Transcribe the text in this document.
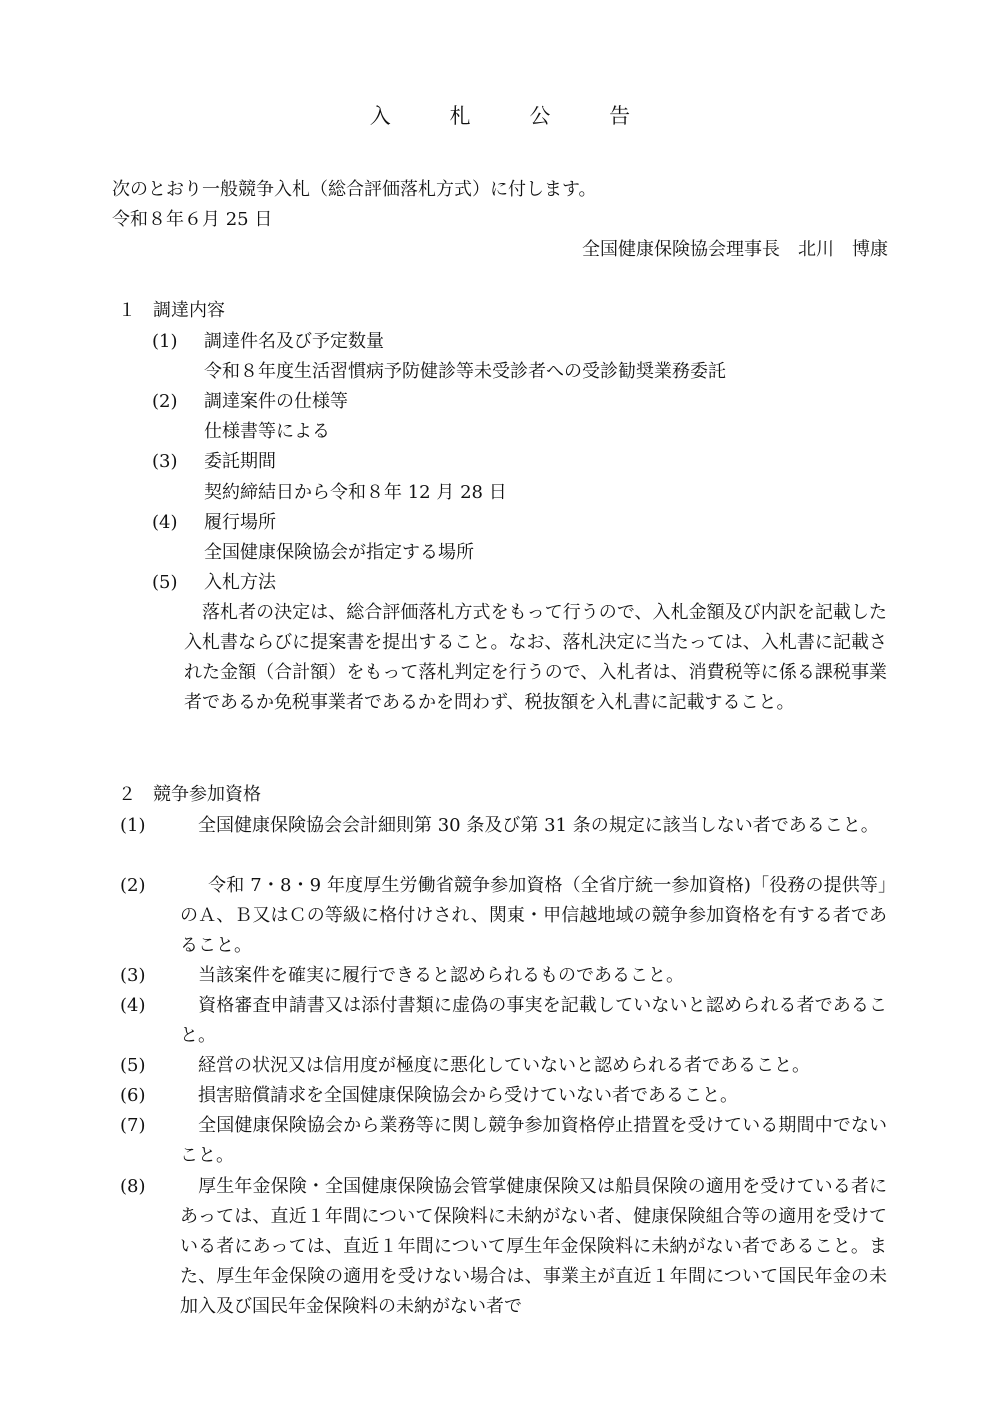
入　札　公　告
次のとおり一般競争入札（総合評価落札方式）に付します。
令和８年６月 25 日
全国健康保険協会理事長　北川　博康
１ 調達内容
(1) 調達件名及び予定数量
令和８年度生活習慣病予防健診等未受診者への受診勧奨業務委託
(2) 調達案件の仕様等
仕様書等による
(3) 委託期間
契約締結日から令和８年 12 月 28 日
(4) 履行場所
全国健康保険協会が指定する場所
(5) 入札方法
落札者の決定は、総合評価落札方式をもって行うので、入札金額及び内訳を記載した入札書ならびに提案書を提出すること。なお、落札決定に当たっては、入札書に記載された金額（合計額）をもって落札判定を行うので、入札者は、消費税等に係る課税事業者であるか免税事業者であるかを問わず、税抜額を入札書に記載すること。
２ 競争参加資格
(1)	全国健康保険協会会計細則第 30 条及び第 31 条の規定に該当しない者であること。
(2)	令和 7・8・9 年度厚生労働省競争参加資格（全省庁統一参加資格)「役務の提供等」のＡ、Ｂ又はＣの等級に格付けされ、関東・甲信越地域の競争参加資格を有する者であること。
(3)	当該案件を確実に履行できると認められるものであること。
(4)	資格審査申請書又は添付書類に虚偽の事実を記載していないと認められる者であること。
(5)	経営の状況又は信用度が極度に悪化していないと認められる者であること。
(6)	損害賠償請求を全国健康保険協会から受けていない者であること。
(7)	全国健康保険協会から業務等に関し競争参加資格停止措置を受けている期間中でないこと。
(8)	厚生年金保険・全国健康保険協会管掌健康保険又は船員保険の適用を受けている者にあっては、直近１年間について保険料に未納がない者、健康保険組合等の適用を受けている者にあっては、直近１年間について厚生年金保険料に未納がない者であること。また、厚生年金保険の適用を受けない場合は、事業主が直近１年間について国民年金の未加入及び国民年金保険料の未納がない者で
